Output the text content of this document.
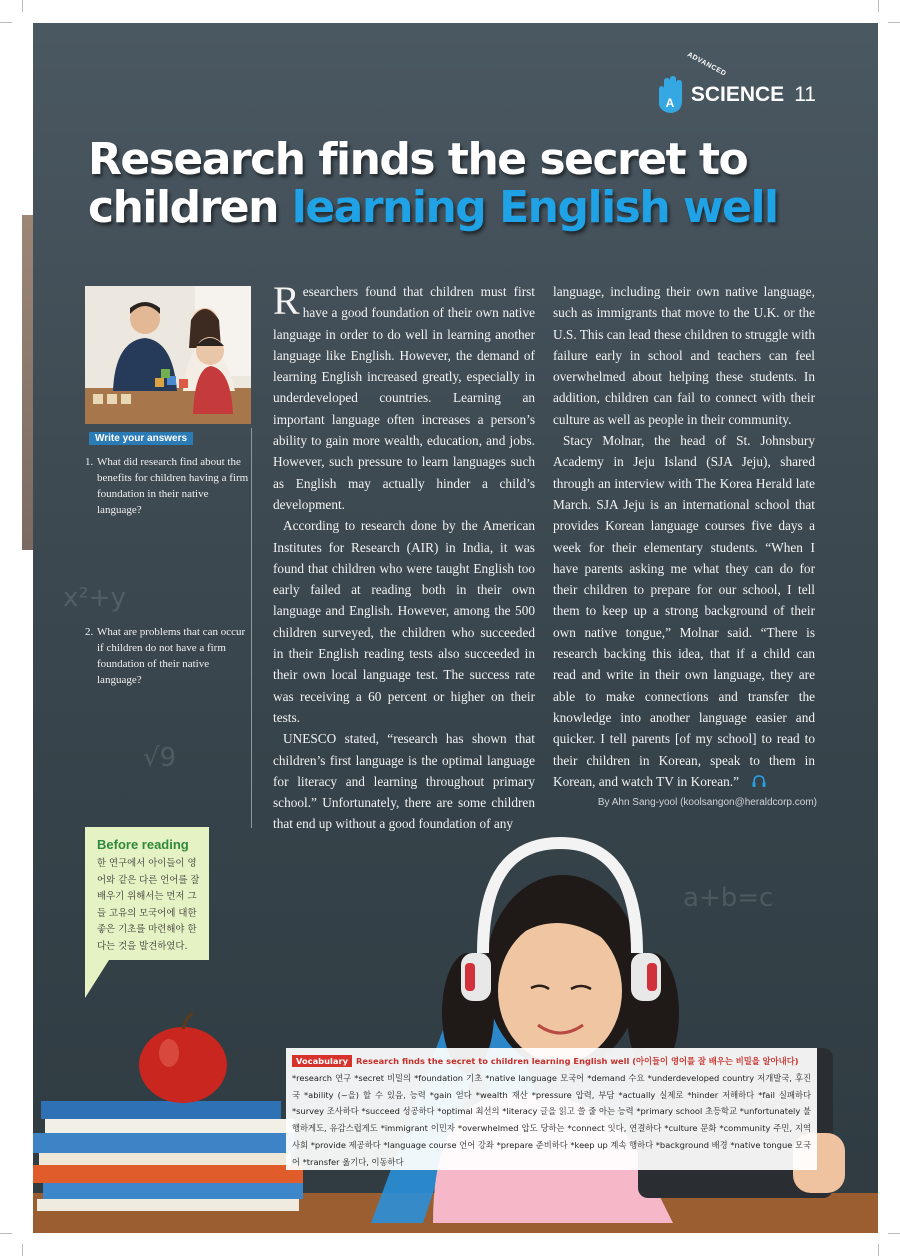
x²+y
√9
a+b=c
A SCIENCE 11
ADVANCED
Research finds the secret to
children learning English well
Write your answers
1. What did research find about the benefits for children having a firm foundation in their native language?
2. What are problems that can occur if children do not have a firm foundation of their native language?

Researchers found that children must first have a good foundation of their own native language in order to do well in learning another language like English. However, the demand of learning English increased greatly, especially in underdeveloped countries. Learning an important language often increases a person’s ability to gain more wealth, education, and jobs. However, such pressure to learn languages such as English may actually hinder a child’s development.

According to research done by the American Institutes for Research (AIR) in India, it was found that children who were taught English too early failed at reading both in their own language and English. However, among the 500 children surveyed, the children who succeeded in their English reading tests also succeeded in their own local language test. The success rate was receiving a 60 percent or higher on their tests.

UNESCO stated, “research has shown that children’s first language is the optimal language for literacy and learning throughout primary school.” Unfortunately, there are some children that end up without a good foundation of any

language, including their own native language, such as immigrants that move to the U.K. or the U.S. This can lead these children to struggle with failure early in school and teachers can feel overwhelmed about helping these students. In addition, children can fail to connect with their culture as well as people in their community.

Stacy Molnar, the head of St. Johnsbury Academy in Jeju Island (SJA Jeju), shared through an interview with The Korea Herald late March. SJA Jeju is an international school that provides Korean language courses five days a week for their elementary students. “When I have parents asking me what they can do for their children to prepare for our school, I tell them to keep up a strong background of their own native tongue,” Molnar said. “There is research backing this idea, that if a child can read and write in their own language, they are able to make connections and transfer the knowledge into another language easier and quicker. I tell parents [of my school] to read to their children in Korean, speak to them in Korean, and watch TV in Korean.”

By Ahn Sang-yool (koolsangon@heraldcorp.com)
Before reading
한 연구에서 아이들이 영어와 같은 다른 언어를 잘 배우기 위해서는 먼저 그들 고유의 모국어에 대한 좋은 기초를 마련해야 한다는 것을 발견하였다.
Vocabulary Research finds the secret to children learning English well (아이들이 영어를 잘 배우는 비밀을 알아내다)
*research 연구 *secret 비밀의 *foundation 기초 *native language 모국어 *demand 수요 *underdeveloped country 저개발국, 후진국 *ability (~을) 할 수 있음, 능력 *gain 얻다 *wealth 재산 *pressure 압력, 부담 *actually 실제로 *hinder 저해하다 *fail 실패하다 *survey 조사하다 *succeed 성공하다 *optimal 최선의 *literacy 글을 읽고 쓸 줄 아는 능력 *primary school 초등학교 *unfortunately 불행하게도, 유감스럽게도 *immigrant 이민자 *overwhelmed 압도 당하는 *connect 잇다, 연결하다 *culture 문화 *community 주민, 지역 사회 *provide 제공하다 *language course 언어 강좌 *prepare 준비하다 *keep up 계속 행하다 *background 배경 *native tongue 모국어 *transfer 옮기다, 이동하다
